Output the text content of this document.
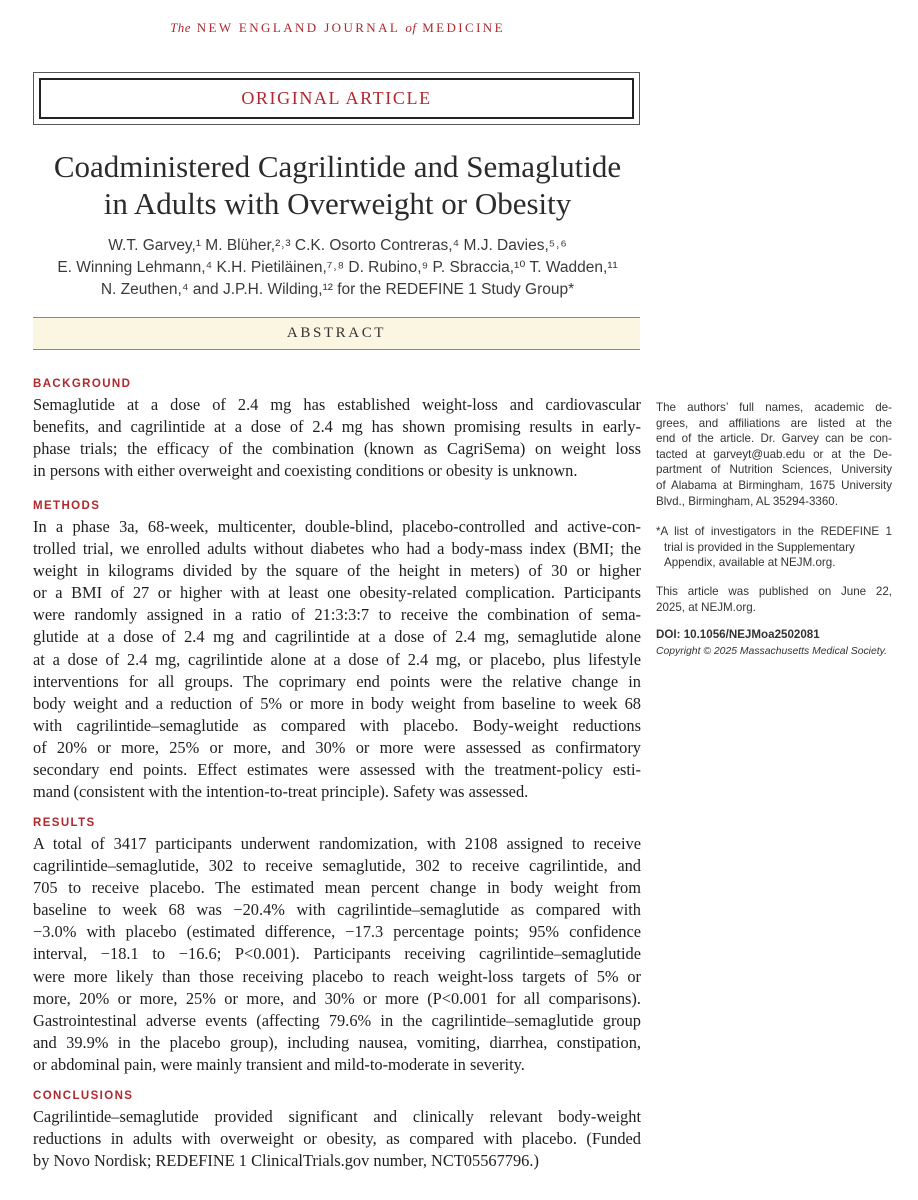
The NEW ENGLAND JOURNAL of MEDICINE
ORIGINAL ARTICLE
Coadministered Cagrilintide and Semaglutide
in Adults with Overweight or Obesity
W.T. Garvey,¹ M. Blüher,²˒³ C.K. Osorto Contreras,⁴ M.J. Davies,⁵˒⁶
E. Winning Lehmann,⁴ K.H. Pietiläinen,⁷˒⁸ D. Rubino,⁹ P. Sbraccia,¹⁰ T. Wadden,¹¹
N. Zeuthen,⁴ and J.P.H. Wilding,¹² for the REDEFINE 1 Study Group*
ABSTRACT
BACKGROUND
Semaglutide at a dose of 2.4 mg has established weight-loss and cardiovascular
benefits, and cagrilintide at a dose of 2.4 mg has shown promising results in early-
phase trials; the efficacy of the combination (known as CagriSema) on weight loss
in persons with either overweight and coexisting conditions or obesity is unknown.
METHODS
In a phase 3a, 68-week, multicenter, double-blind, placebo-controlled and active-con-
trolled trial, we enrolled adults without diabetes who had a body-mass index (BMI; the
weight in kilograms divided by the square of the height in meters) of 30 or higher
or a BMI of 27 or higher with at least one obesity-related complication. Participants
were randomly assigned in a ratio of 21:3:3:7 to receive the combination of sema-
glutide at a dose of 2.4 mg and cagrilintide at a dose of 2.4 mg, semaglutide alone
at a dose of 2.4 mg, cagrilintide alone at a dose of 2.4 mg, or placebo, plus lifestyle
interventions for all groups. The coprimary end points were the relative change in
body weight and a reduction of 5% or more in body weight from baseline to week 68
with cagrilintide–semaglutide as compared with placebo. Body-weight reductions
of 20% or more, 25% or more, and 30% or more were assessed as confirmatory
secondary end points. Effect estimates were assessed with the treatment-policy esti-
mand (consistent with the intention-to-treat principle). Safety was assessed.
RESULTS
A total of 3417 participants underwent randomization, with 2108 assigned to receive
cagrilintide–semaglutide, 302 to receive semaglutide, 302 to receive cagrilintide, and
705 to receive placebo. The estimated mean percent change in body weight from
baseline to week 68 was −20.4% with cagrilintide–semaglutide as compared with
−3.0% with placebo (estimated difference, −17.3 percentage points; 95% confidence
interval, −18.1 to −16.6; P<0.001). Participants receiving cagrilintide–semaglutide
were more likely than those receiving placebo to reach weight-loss targets of 5% or
more, 20% or more, 25% or more, and 30% or more (P<0.001 for all comparisons).
Gastrointestinal adverse events (affecting 79.6% in the cagrilintide–semaglutide group
and 39.9% in the placebo group), including nausea, vomiting, diarrhea, constipation,
or abdominal pain, were mainly transient and mild-to-moderate in severity.
CONCLUSIONS
Cagrilintide–semaglutide provided significant and clinically relevant body-weight
reductions in adults with overweight or obesity, as compared with placebo. (Funded
by Novo Nordisk; REDEFINE 1 ClinicalTrials.gov number, NCT05567796.)
The authors’ full names, academic de-
grees, and affiliations are listed at the
end of the article. Dr. Garvey can be con-
tacted at garveyt@uab.edu or at the De-
partment of Nutrition Sciences, University
of Alabama at Birmingham, 1675 University
Blvd., Birmingham, AL 35294-3360.
*A list of investigators in the REDEFINE 1
trial is provided in the Supplementary
Appendix, available at NEJM.org.
This article was published on June 22,
2025, at NEJM.org.
DOI: 10.1056/NEJMoa2502081
Copyright © 2025 Massachusetts Medical Society.
